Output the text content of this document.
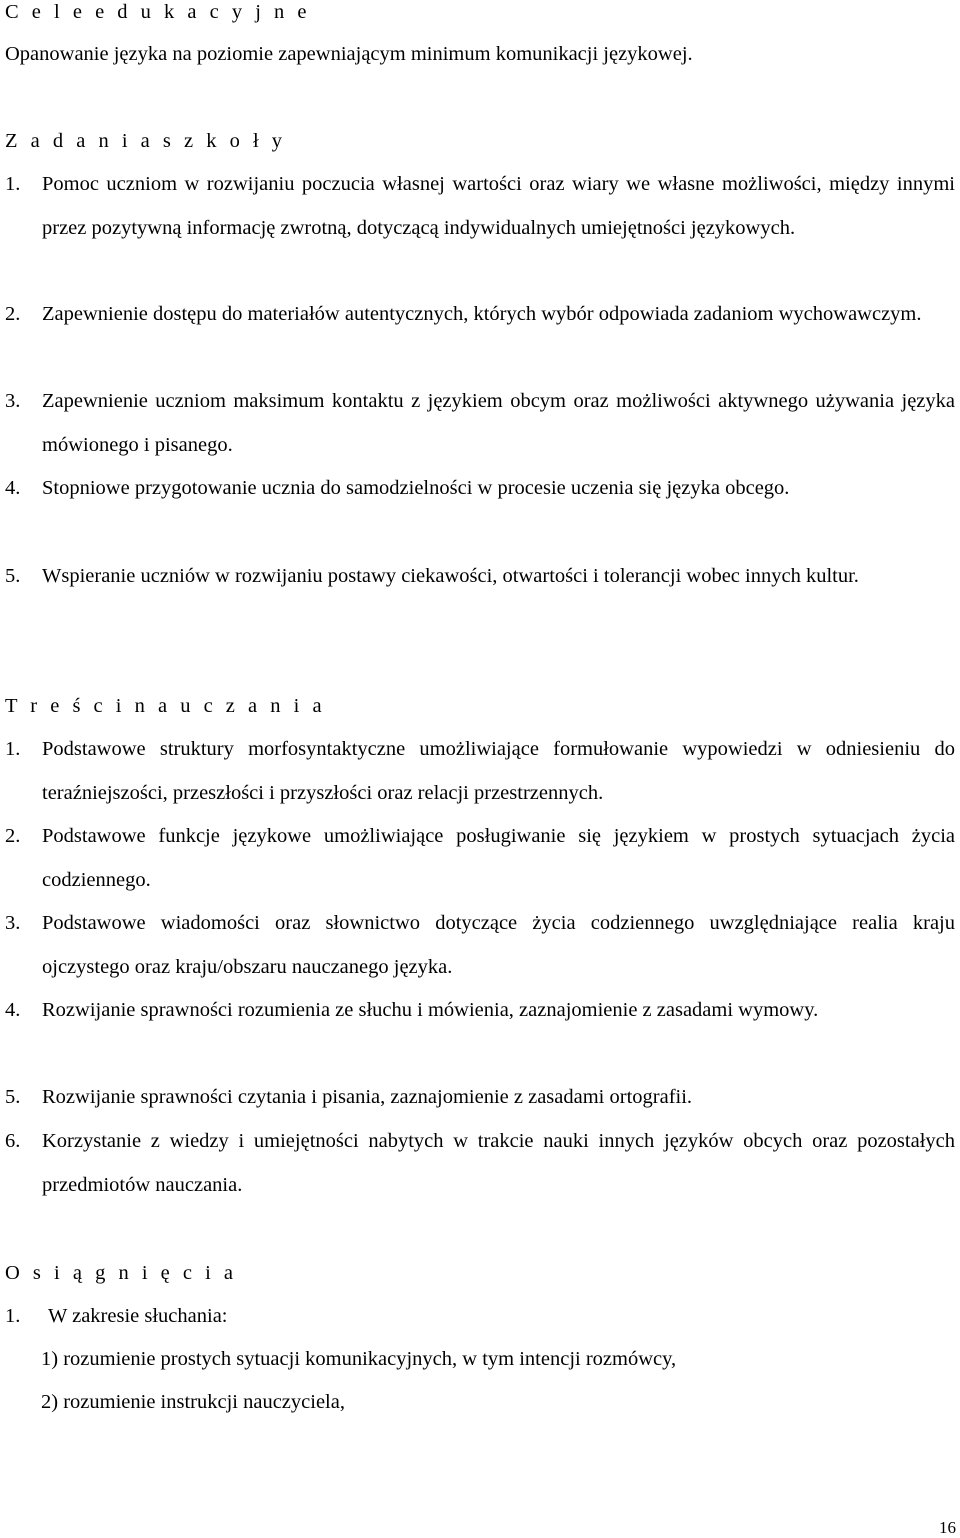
C e l e e d u k a c y j n e
Opanowanie języka na poziomie zapewniającym minimum komunikacji językowej.
Z a d a n i a s z k o ł y
1. Pomoc uczniom w rozwijaniu poczucia własnej wartości oraz wiary we własne możliwości, między innymi przez pozytywną informację zwrotną, dotyczącą indywidualnych umiejętności językowych.
2. Zapewnienie dostępu do materiałów autentycznych, których wybór odpowiada zadaniom wychowawczym.
3. Zapewnienie uczniom maksimum kontaktu z językiem obcym oraz możliwości aktywnego używania języka mówionego i pisanego.
4. Stopniowe przygotowanie ucznia do samodzielności w procesie uczenia się języka obcego.
5. Wspieranie uczniów w rozwijaniu postawy ciekawości, otwartości i tolerancji wobec innych kultur.
T r e ś c i n a u c z a n i a
1. Podstawowe struktury morfosyntaktyczne umożliwiające formułowanie wypowiedzi w odniesieniu do teraźniejszości, przeszłości i przyszłości oraz relacji przestrzennych.
2. Podstawowe funkcje językowe umożliwiające posługiwanie się językiem w prostych sytuacjach życia codziennego.
3. Podstawowe wiadomości oraz słownictwo dotyczące życia codziennego uwzględniające realia kraju ojczystego oraz kraju/obszaru nauczanego języka.
4. Rozwijanie sprawności rozumienia ze słuchu i mówienia, zaznajomienie z zasadami wymowy.
5. Rozwijanie sprawności czytania i pisania, zaznajomienie z zasadami ortografii.
6. Korzystanie z wiedzy i umiejętności nabytych w trakcie nauki innych języków obcych oraz pozostałych przedmiotów nauczania.
O s i ą g n i ę c i a
1. W zakresie słuchania:
1) rozumienie prostych sytuacji komunikacyjnych, w tym intencji rozmówcy,
2) rozumienie instrukcji nauczyciela,
16
